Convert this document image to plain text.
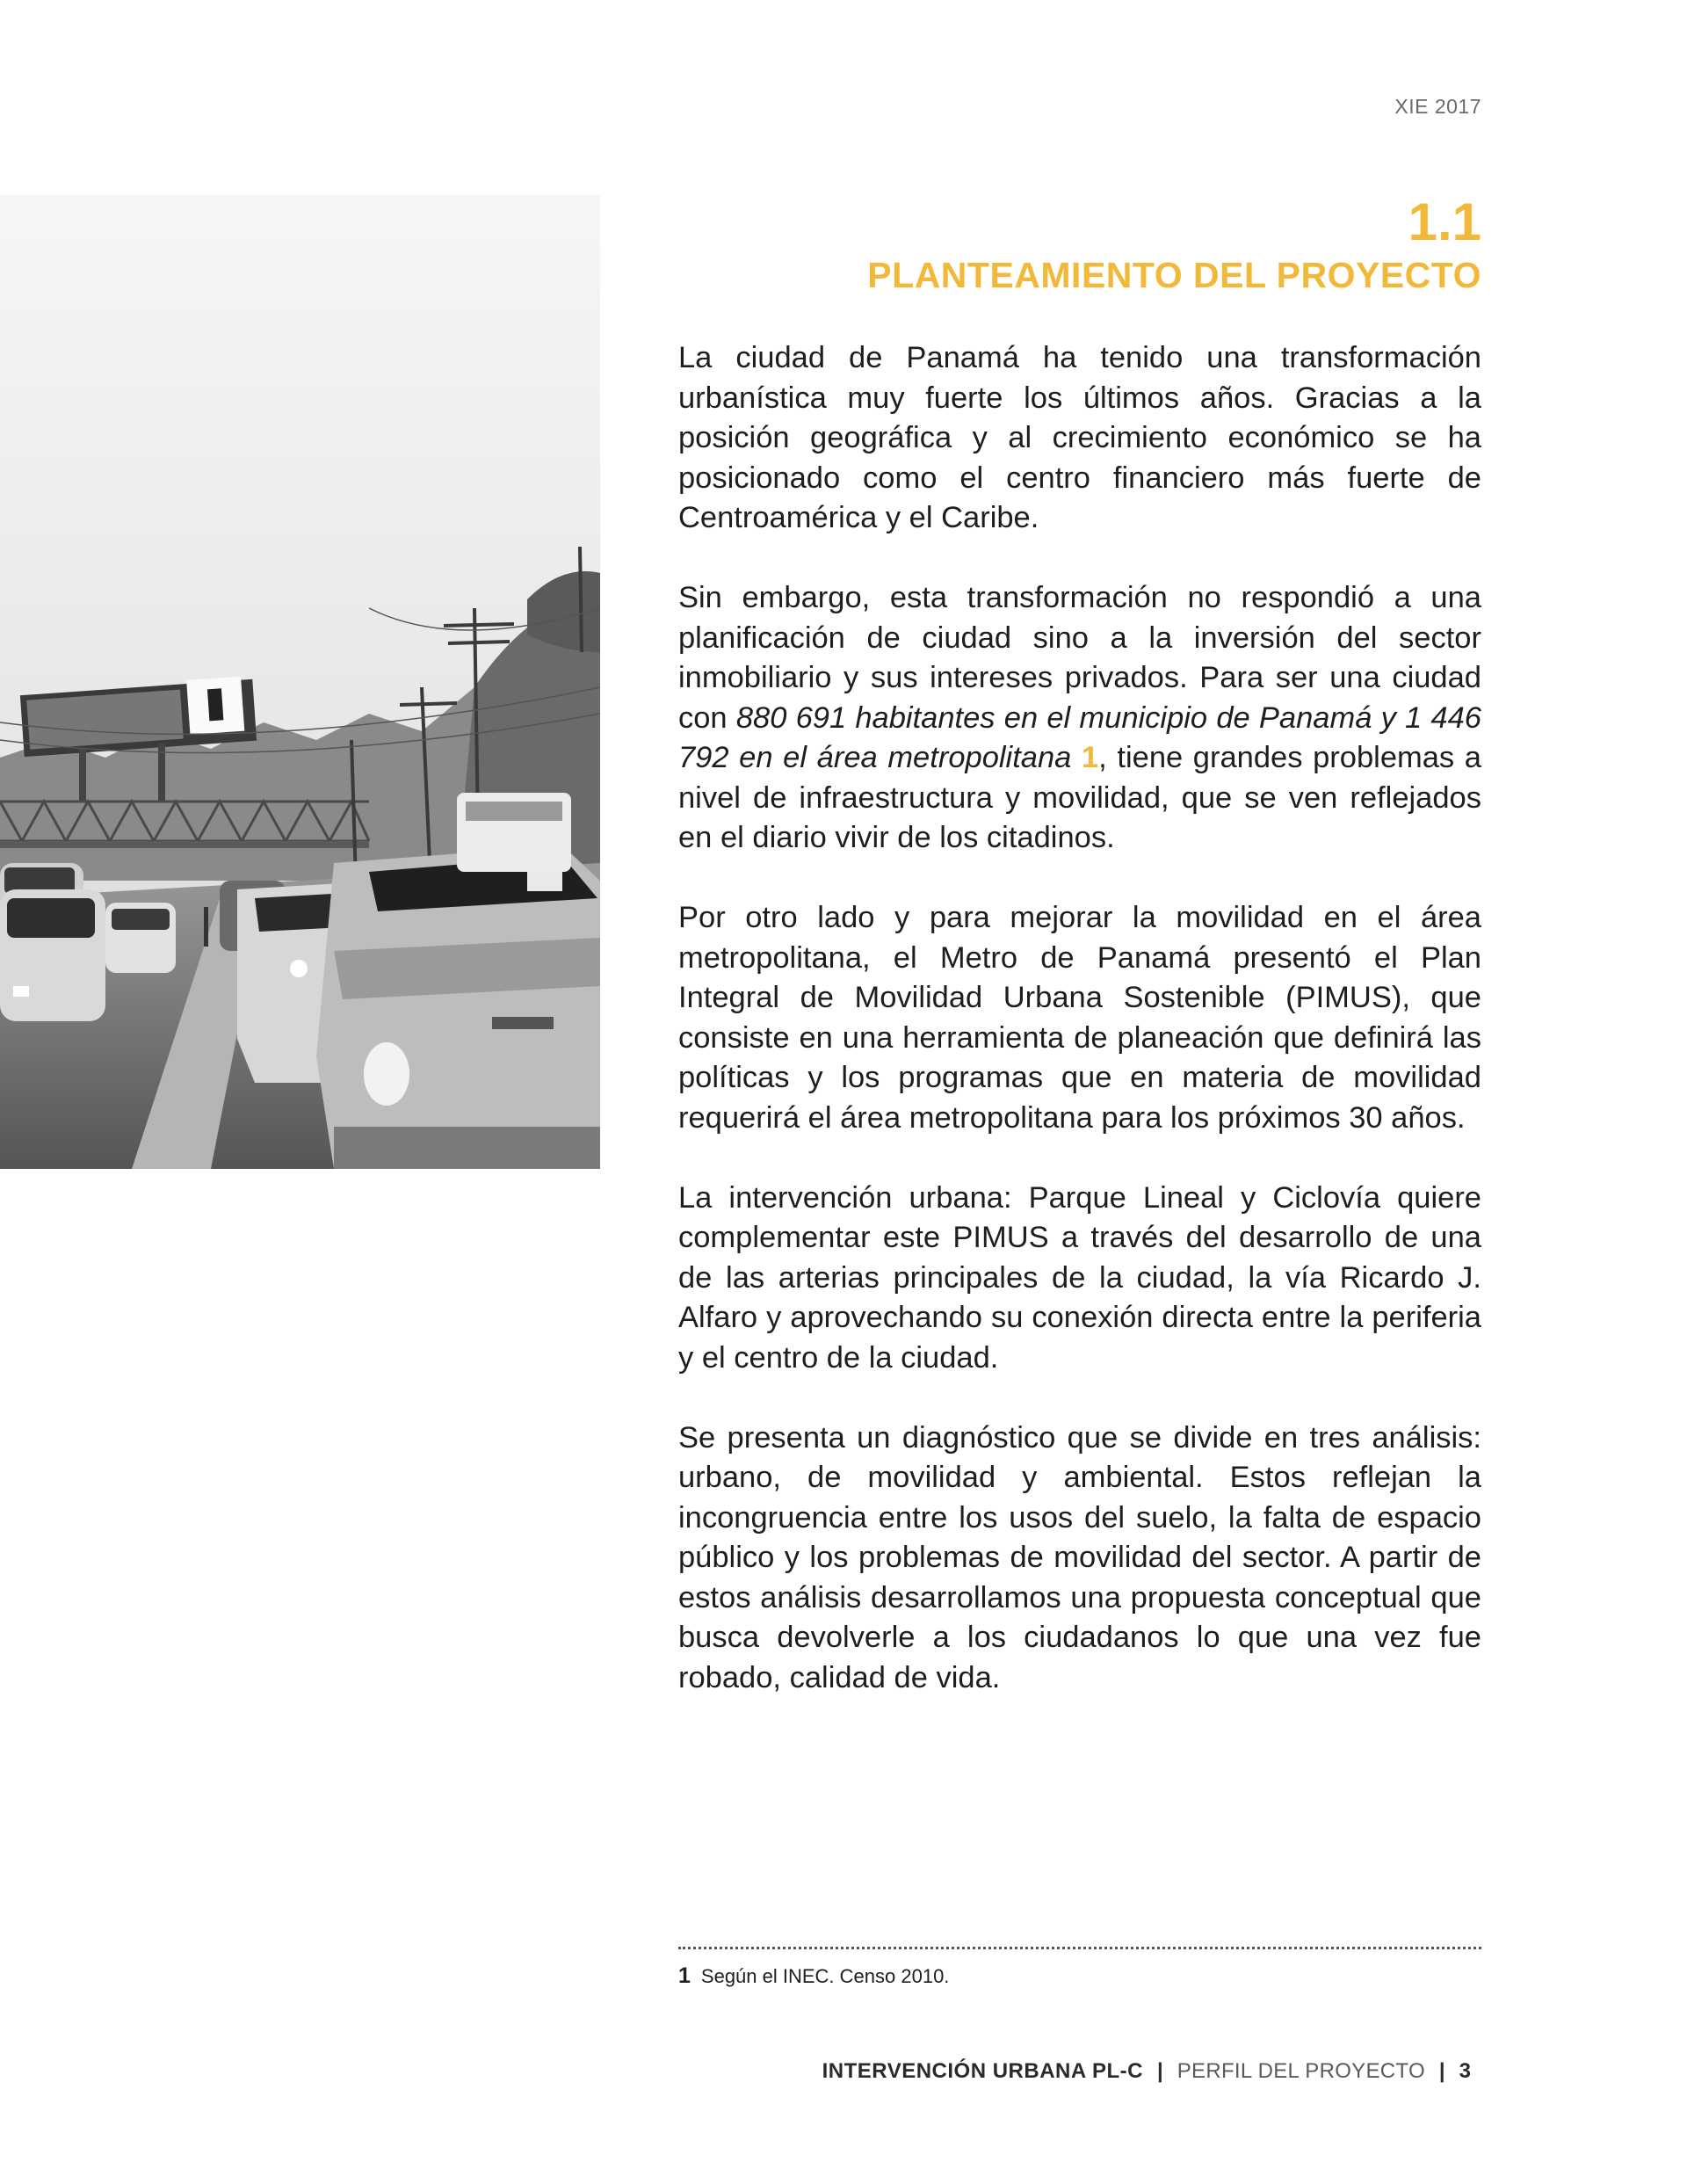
XIE 2017
1.1
PLANTEAMIENTO DEL PROYECTO

La ciudad de Panamá ha tenido una transformación urbanística muy fuerte los últimos años. Gracias a la posición geográfica y al crecimiento económico se ha posicionado como el centro financiero más fuerte de Centroamérica y el Caribe.

Sin embargo, esta transformación no respondió a una planificación de ciudad sino a la inversión del sector inmobiliario y sus intereses privados. Para ser una ciudad con 880 691 habitantes en el municipio de Panamá y 1 446 792 en el área metropolitana 1, tiene grandes problemas a nivel de infraestructura y movilidad, que se ven reflejados en el diario vivir de los citadinos.

Por otro lado y para mejorar la movilidad en el área metropolitana, el Metro de Panamá presentó el Plan Integral de Movilidad Urbana Sostenible (PIMUS), que consiste en una herramienta de planeación que definirá las políticas y los programas que en materia de movilidad requerirá el área metropolitana para los próximos 30 años.

La intervención urbana: Parque Lineal y Ciclovía quiere complementar este PIMUS a través del desarrollo de una de las arterias principales de la ciudad, la vía Ricardo J. Alfaro y aprovechando su conexión directa entre la periferia y el centro de la ciudad.

Se presenta un diagnóstico que se divide en tres análisis: urbano, de movilidad y ambiental. Estos reflejan la incongruencia entre los usos del suelo, la falta de espacio público y los problemas de movilidad del sector. A partir de estos análisis desarrollamos una propuesta conceptual que busca devolverle a los ciudadanos lo que una vez fue robado, calidad de vida.

1 Según el INEC. Censo 2010.
INTERVENCIÓN URBANA PL-C | PERFIL DEL PROYECTO | 3
